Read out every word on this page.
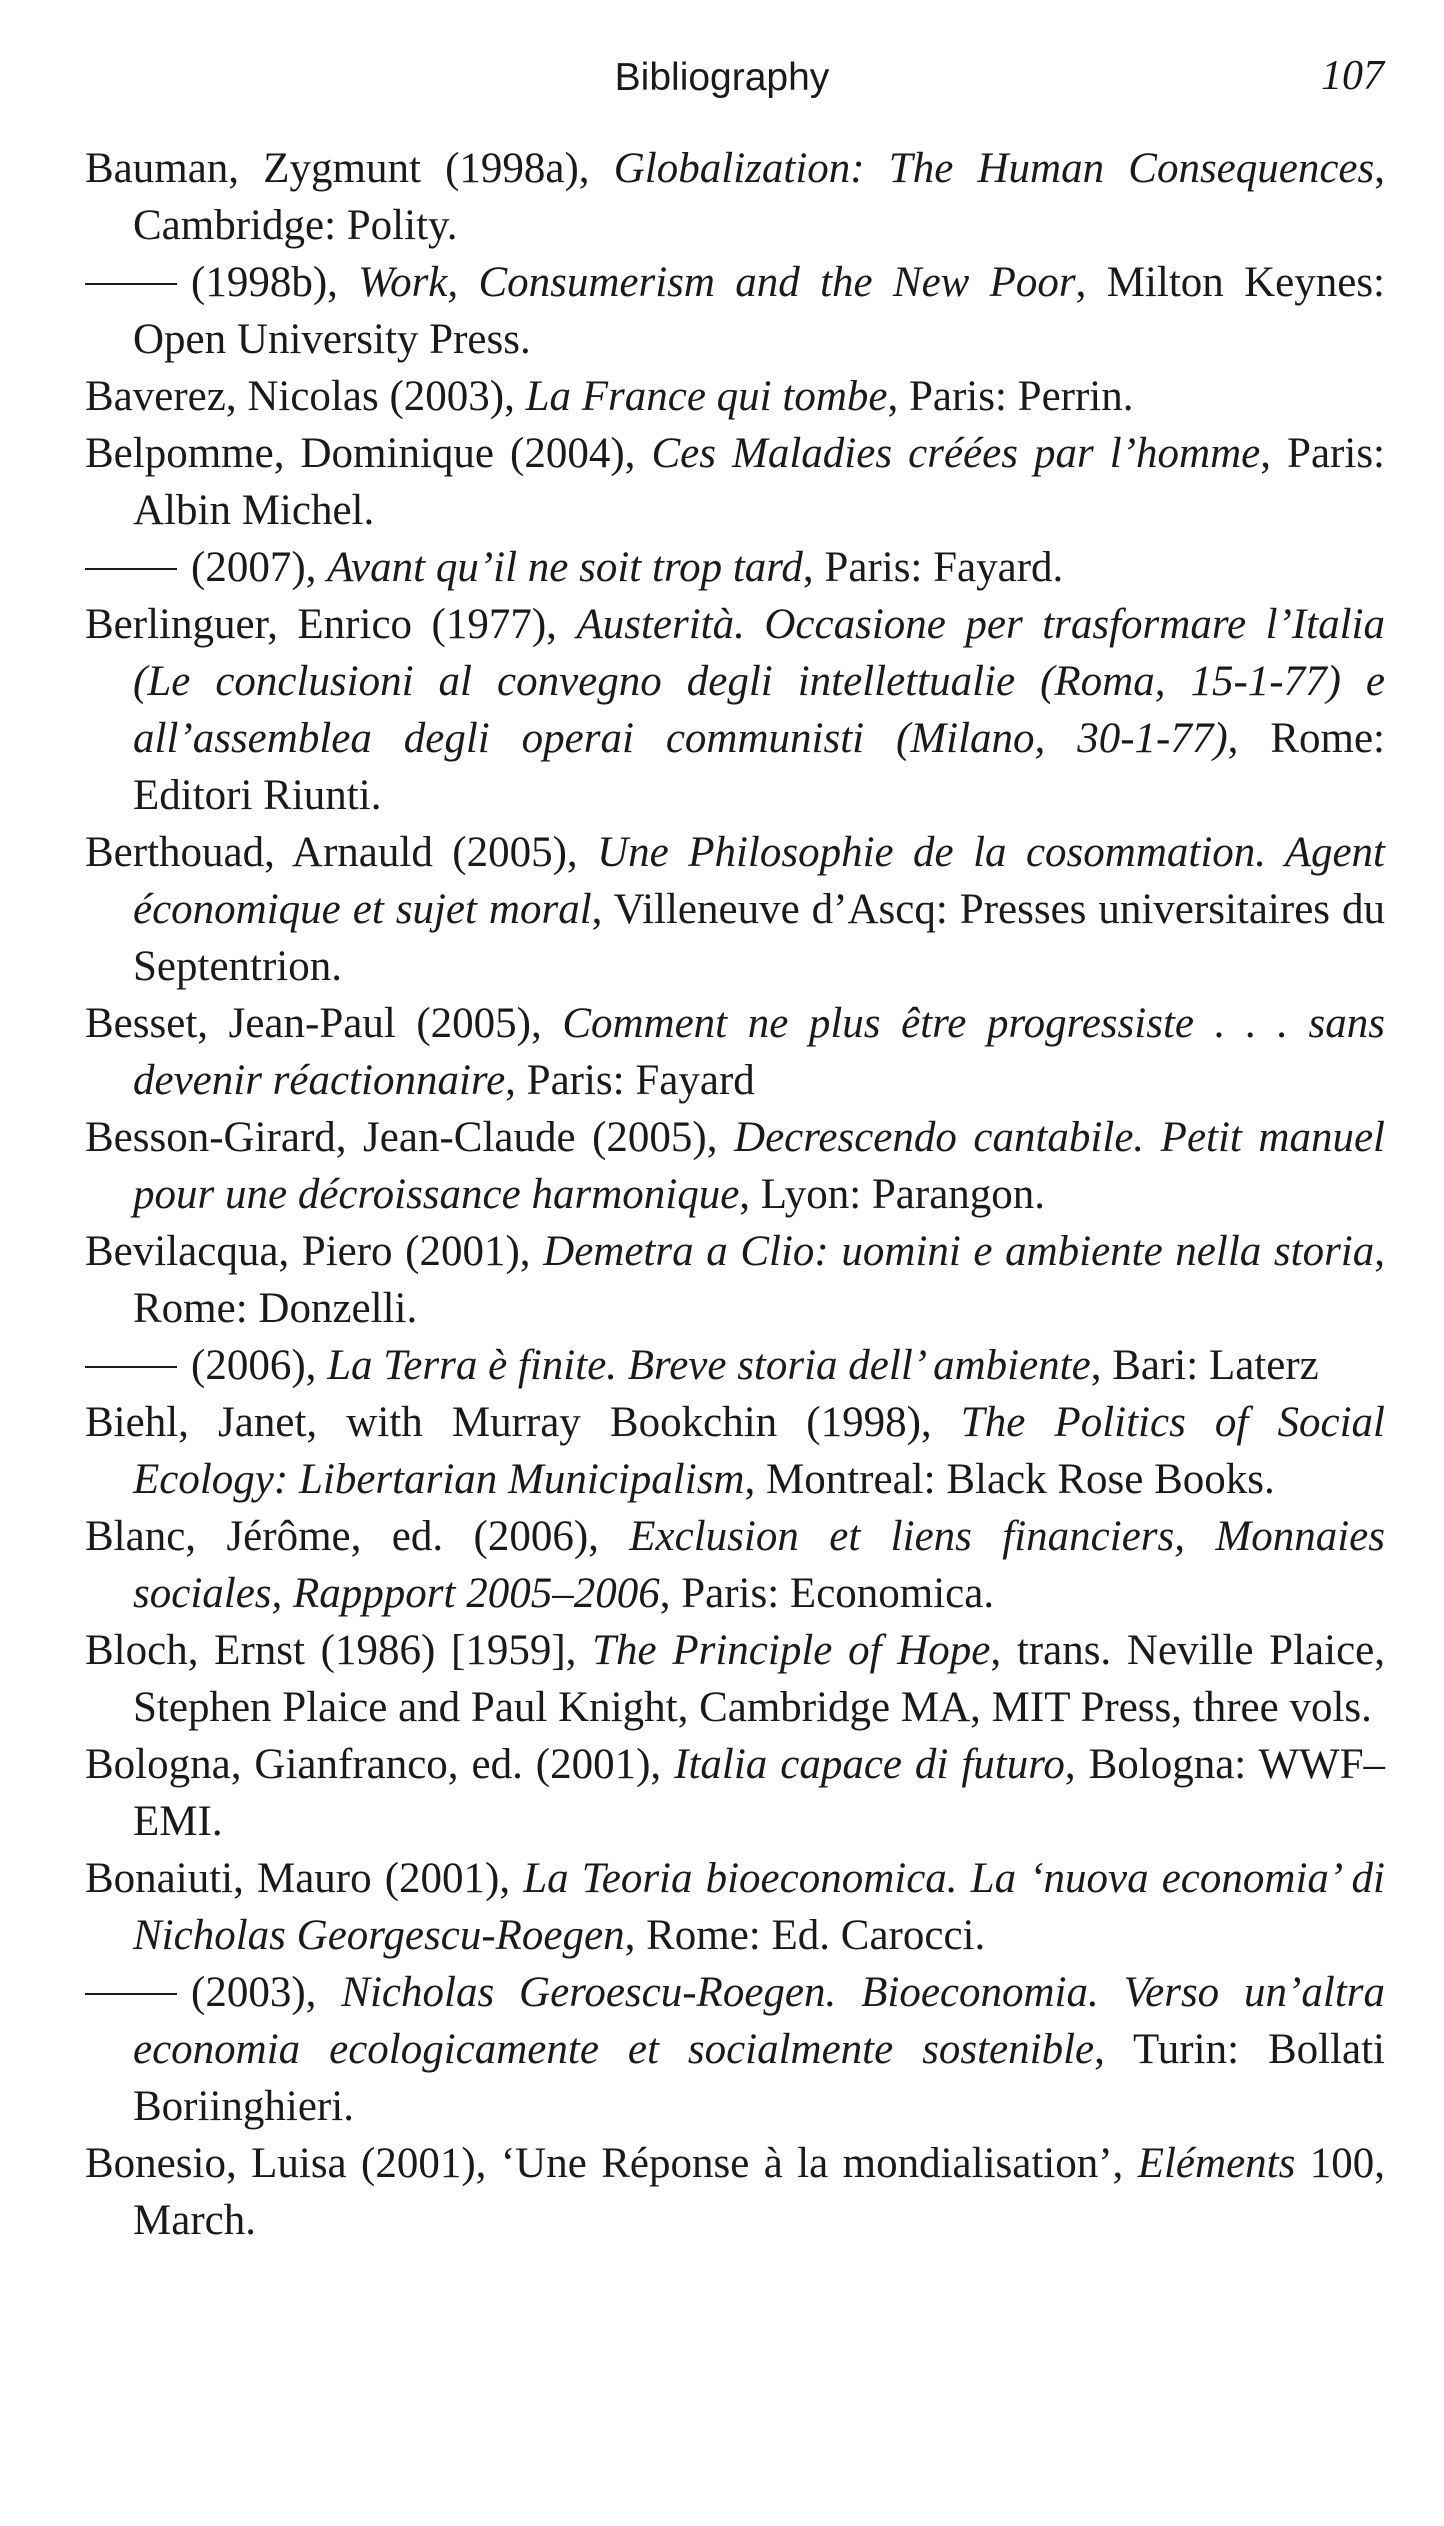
Bibliography	107

Bauman, Zygmunt (1998a), Globalization: The Human Consequences, Cambridge: Polity.

(1998b), Work, Consumerism and the New Poor, Milton Keynes: Open University Press.

Baverez, Nicolas (2003), La France qui tombe, Paris: Perrin.

Belpomme, Dominique (2004), Ces Maladies créées par l’homme, Paris: Albin Michel.

(2007), Avant qu’il ne soit trop tard, Paris: Fayard.

Berlinguer, Enrico (1977), Austerità. Occasione per trasformare l’Italia (Le conclusioni al convegno degli intellettualie (Roma, 15-1-77) e all’assemblea degli operai communisti (Milano, 30-1-77), Rome: Editori Riunti.

Berthouad, Arnauld (2005), Une Philosophie de la cosommation. Agent économique et sujet moral, Villeneuve d’Ascq: Presses universitaires du Septentrion.

Besset, Jean-Paul (2005), Comment ne plus être progressiste . . . sans devenir réactionnaire, Paris: Fayard

Besson-Girard, Jean-Claude (2005), Decrescendo cantabile. Petit manuel pour une décroissance harmonique, Lyon: Parangon.

Bevilacqua, Piero (2001), Demetra a Clio: uomini e ambiente nella storia, Rome: Donzelli.

(2006), La Terra è finite. Breve storia dell’ ambiente, Bari: Laterz

Biehl, Janet, with Murray Bookchin (1998), The Politics of Social Ecology: Libertarian Municipalism, Montreal: Black Rose Books.

Blanc, Jérôme, ed. (2006), Exclusion et liens financiers, Monnaies sociales, Rappport 2005–2006, Paris: Economica.

Bloch, Ernst (1986) [1959], The Principle of Hope, trans. Neville Plaice, Stephen Plaice and Paul Knight, Cambridge MA, MIT Press, three vols.

Bologna, Gianfranco, ed. (2001), Italia capace di futuro, Bologna: WWF–EMI.

Bonaiuti, Mauro (2001), La Teoria bioeconomica. La ‘nuova economia’ di Nicholas Georgescu-Roegen, Rome: Ed. Carocci.

(2003), Nicholas Geroescu-Roegen. Bioeconomia. Verso un’altra economia ecologicamente et socialmente sostenible, Turin: Bollati Boriinghieri.

Bonesio, Luisa (2001), ‘Une Réponse à la mondialisation’, Eléments 100, March.
